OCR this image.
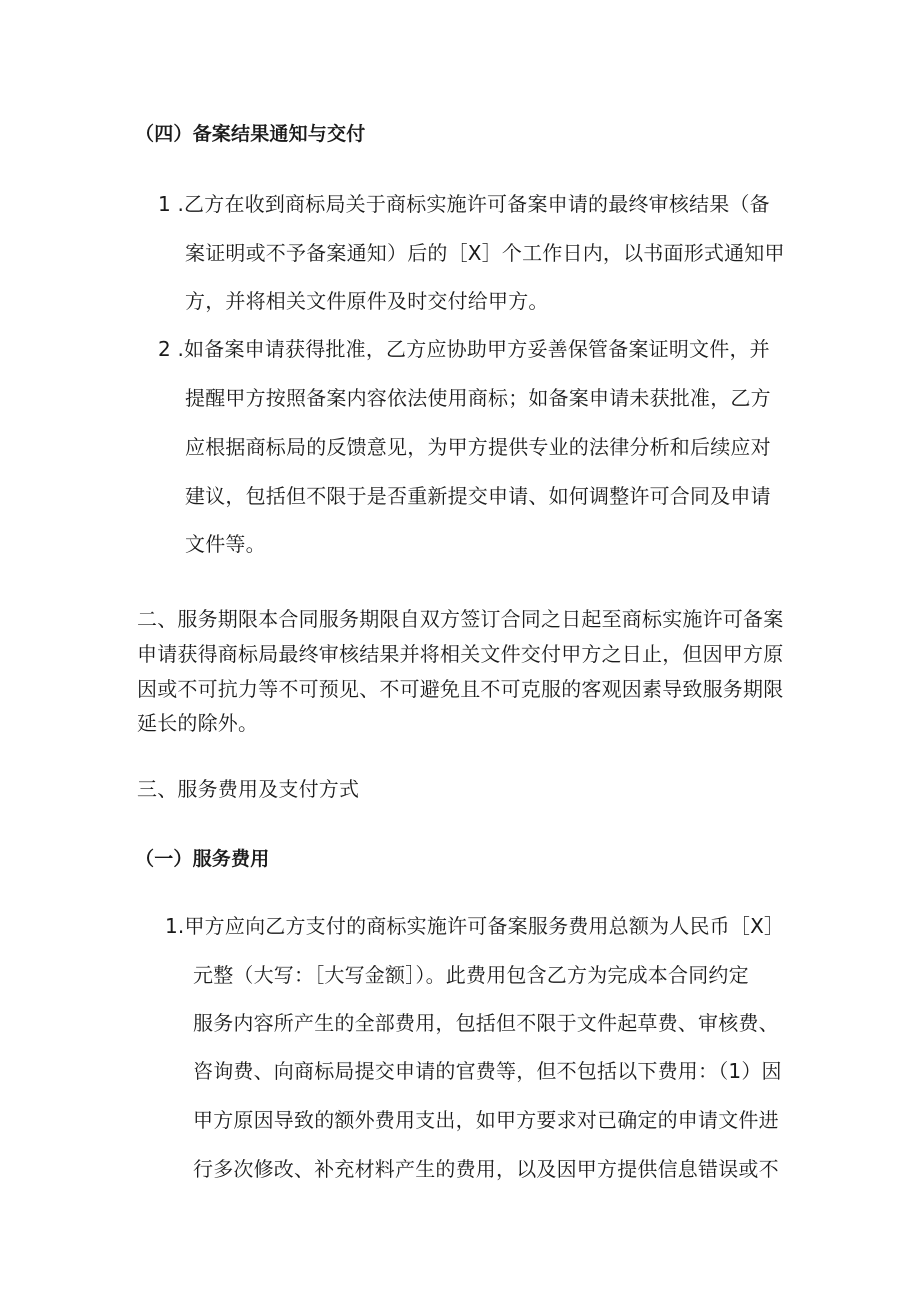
（四）备案结果通知与交付
1 .乙方在收到商标局关于商标实施许可备案申请的最终审核结果（备
案证明或不予备案通知）后的［X］个工作日内，以书面形式通知甲
方，并将相关文件原件及时交付给甲方。
2 .如备案申请获得批准，乙方应协助甲方妥善保管备案证明文件，并
提醒甲方按照备案内容依法使用商标；如备案申请未获批准，乙方
应根据商标局的反馈意见，为甲方提供专业的法律分析和后续应对
建议，包括但不限于是否重新提交申请、如何调整许可合同及申请
文件等。
二、服务期限本合同服务期限自双方签订合同之日起至商标实施许可备案
申请获得商标局最终审核结果并将相关文件交付甲方之日止，但因甲方原
因或不可抗力等不可预见、不可避免且不可克服的客观因素导致服务期限
延长的除外。
三、服务费用及支付方式
（一）服务费用
1.甲方应向乙方支付的商标实施许可备案服务费用总额为人民币［X］
元整（大写：［大写金额］）。此费用包含乙方为完成本合同约定
服务内容所产生的全部费用，包括但不限于文件起草费、审核费、
咨询费、向商标局提交申请的官费等，但不包括以下费用：（1）因
甲方原因导致的额外费用支出，如甲方要求对已确定的申请文件进
行多次修改、补充材料产生的费用，以及因甲方提供信息错误或不
